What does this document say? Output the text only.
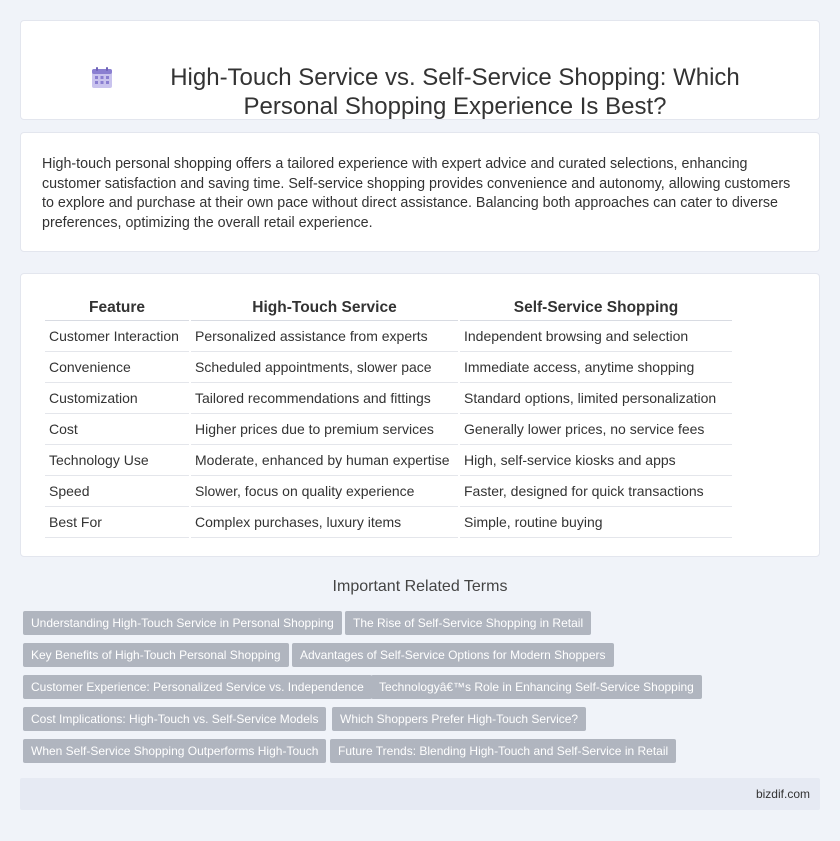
High-Touch Service vs. Self-Service Shopping: Which Personal Shopping Experience Is Best?

High-touch personal shopping offers a tailored experience with expert advice and curated selections, enhancing customer satisfaction and saving time. Self-service shopping provides convenience and autonomy, allowing customers to explore and purchase at their own pace without direct assistance. Balancing both approaches can cater to diverse preferences, optimizing the overall retail experience.

Feature	High-Touch Service	Self-Service Shopping
Customer Interaction	Personalized assistance from experts	Independent browsing and selection
Convenience	Scheduled appointments, slower pace	Immediate access, anytime shopping
Customization	Tailored recommendations and fittings	Standard options, limited personalization
Cost	Higher prices due to premium services	Generally lower prices, no service fees
Technology Use	Moderate, enhanced by human expertise	High, self-service kiosks and apps
Speed	Slower, focus on quality experience	Faster, designed for quick transactions
Best For	Complex purchases, luxury items	Simple, routine buying
Important Related Terms
Understanding High-Touch Service in Personal Shopping	The Rise of Self-Service Shopping in Retail
Key Benefits of High-Touch Personal Shopping	Advantages of Self-Service Options for Modern Shoppers
Customer Experience: Personalized Service vs. Independence	Technologyâ€™s Role in Enhancing Self-Service Shopping
Cost Implications: High-Touch vs. Self-Service Models	Which Shoppers Prefer High-Touch Service?
When Self-Service Shopping Outperforms High-Touch	Future Trends: Blending High-Touch and Self-Service in Retail
bizdif.com
